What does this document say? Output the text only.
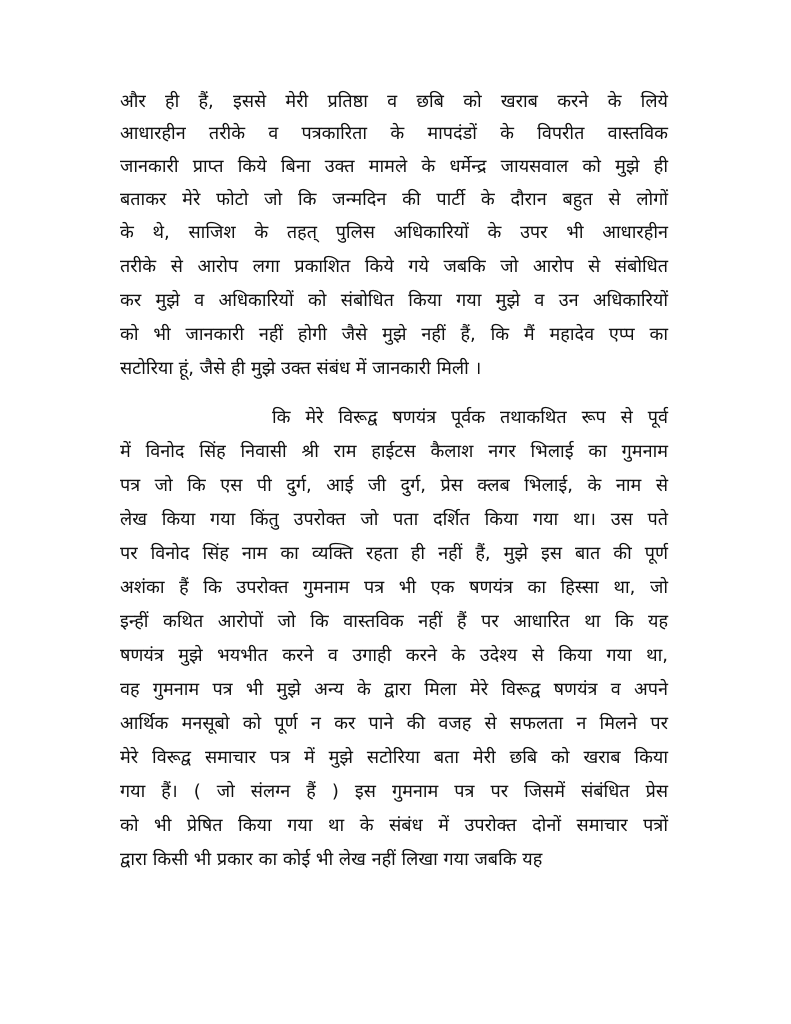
और ही हैं, इससे मेरी प्रतिष्ठा व छबि को खराब करने के लिये
आधारहीन तरीके व पत्रकारिता के मापदंडों के विपरीत वास्तविक
जानकारी प्राप्त किये बिना उक्त मामले के धर्मेन्द्र जायसवाल को मुझे ही
बताकर मेरे फोटो जो कि जन्मदिन की पार्टी के दौरान बहुत से लोगों
के थे, साजिश के तहत् पुलिस अधिकारियों के उपर भी आधारहीन
तरीके से आरोप लगा प्रकाशित किये गये जबकि जो आरोप से संबोधित
कर मुझे व अधिकारियों को संबोधित किया गया मुझे व उन अधिकारियों
को भी जानकारी नहीं होगी जैसे मुझे नहीं हैं, कि मैं महादेव एप्प का
सटोरिया हूं, जैसे ही मुझे उक्त संबंध में जानकारी मिली ।
कि मेरे विरूद्व षणयंत्र पूर्वक तथाकथित रूप से पूर्व
में विनोद सिंह निवासी श्री राम हाईटस कैलाश नगर भिलाई का गुमनाम
पत्र जो कि एस पी दुर्ग, आई जी दुर्ग, प्रेस क्लब भिलाई, के नाम से
लेख किया गया किंतु उपरोक्त जो पता दर्शित किया गया था। उस पते
पर विनोद सिंह नाम का व्यक्ति रहता ही नहीं हैं, मुझे इस बात की पूर्ण
अशंका हैं कि उपरोक्त गुमनाम पत्र भी एक षणयंत्र का हिस्सा था, जो
इन्हीं कथित आरोपों जो कि वास्तविक नहीं हैं पर आधारित था कि यह
षणयंत्र मुझे भयभीत करने व उगाही करने के उदेश्य से किया गया था,
वह गुमनाम पत्र भी मुझे अन्य के द्वारा मिला मेरे विरूद्व षणयंत्र व अपने
आर्थिक मनसूबो को पूर्ण न कर पाने की वजह से सफलता न मिलने पर
मेरे विरूद्व समाचार पत्र में मुझे सटोरिया बता मेरी छबि को खराब किया
गया हैं। ( जो संलग्न हैं ) इस गुमनाम पत्र पर जिसमें संबंधित प्रेस
को भी प्रेषित किया गया था के संबंध में उपरोक्त दोनों समाचार पत्रों
द्वारा किसी भी प्रकार का कोई भी लेख नहीं लिखा गया जबकि यह
